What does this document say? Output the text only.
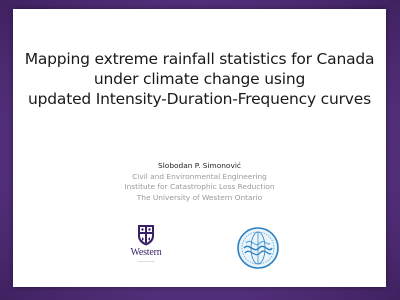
Mapping extreme rainfall statistics for Canada
under climate change using
updated Intensity-Duration-Frequency curves
Slobodan P. Simonović
Civil and Environmental Engineering
Institute for Catastrophic Loss Reduction
The University of Western Ontario
Western
────────
